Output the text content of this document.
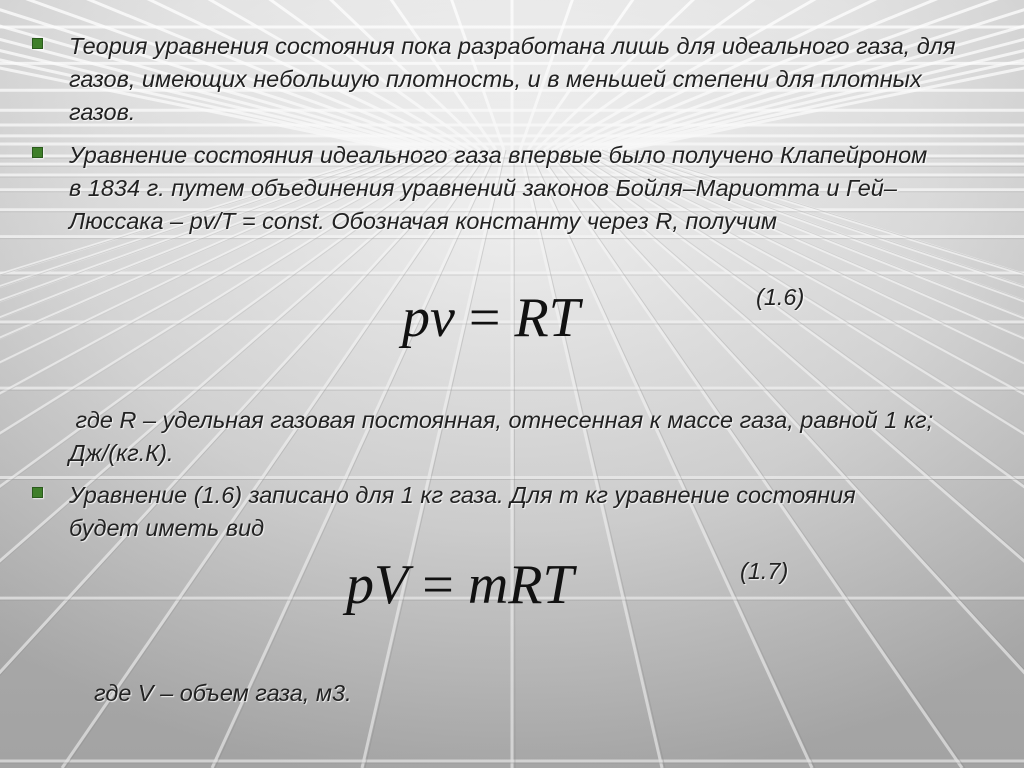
Теория уравнения состояния пока разработана лишь для идеального газа, для газов, имеющих небольшую плотность, и в меньшей степени для плотных газов.

Уравнение состояния идеального газа впервые было получено Клапейроном в 1834 г. путем объединения уравнений законов Бойля–Мариотта и Гей–Люссака – pv/T = const. Обозначая константу через R, получим

pv = RT	(1.6)

где R – удельная газовая постоянная, отнесенная к массе газа, равной 1 кг; Дж/(кг.К).

Уравнение (1.6) записано для 1 кг газа. Для m кг уравнение состояния будет иметь вид

pV = mRT	(1.7)

где V – объем газа, м3.
